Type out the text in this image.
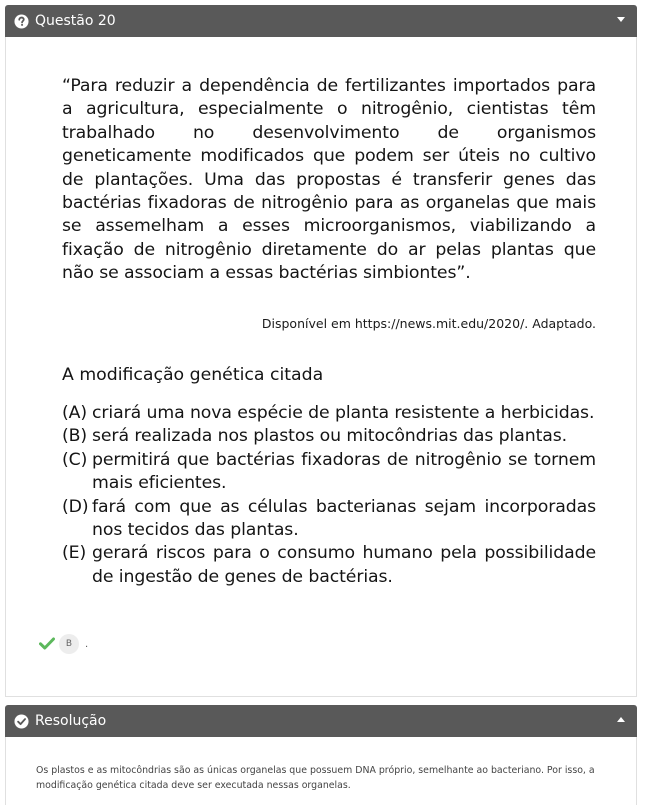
Questão 20
“Para reduzir a dependência de fertilizantes importados para a agricultura, especialmente o nitrogênio, cientistas têm trabalhado no desenvolvimento de organismos geneticamente modificados que podem ser úteis no cultivo de plantações. Uma das propostas é transferir genes das bactérias fixadoras de nitrogênio para as organelas que mais se assemelham a esses microorganismos, viabilizando a fixação de nitrogênio diretamente do ar pelas plantas que não se associam a essas bactérias simbiontes”.
Disponível em https://news.mit.edu/2020/. Adaptado.
A modificação genética citada
(A) criará uma nova espécie de planta resistente a herbicidas.
(B) será realizada nos plastos ou mitocôndrias das plantas.
(C) permitirá que bactérias fixadoras de nitrogênio se tornem mais eficientes.
(D) fará com que as células bacterianas sejam incorporadas nos tecidos das plantas.
(E) gerará riscos para o consumo humano pela possibilidade de ingestão de genes de bactérias.
B	.
Resolução
Os plastos e as mitocôndrias são as únicas organelas que possuem DNA próprio, semelhante ao bacteriano. Por isso, a modificação genética citada deve ser executada nessas organelas.
